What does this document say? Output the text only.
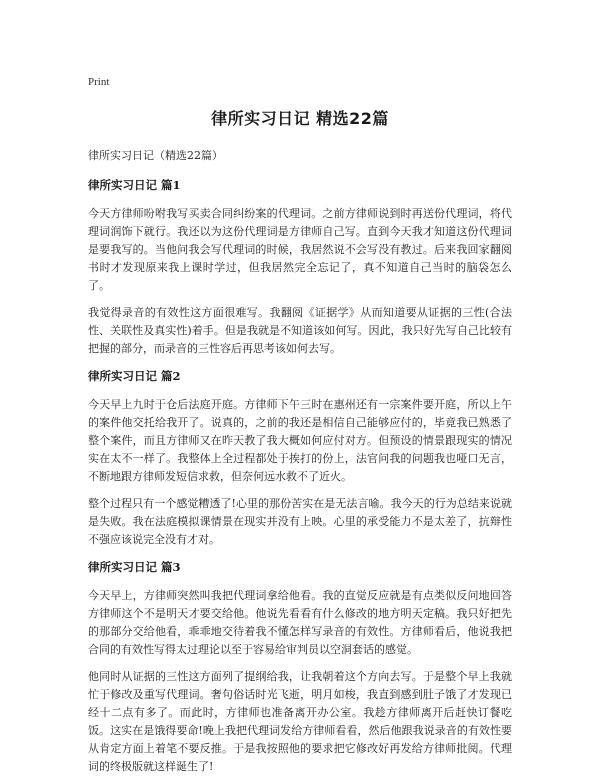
Print
律所实习日记 精选22篇
律所实习日记（精选22篇）
律所实习日记 篇1

今天方律师吩咐我写买卖合同纠纷案的代理词。之前方律师说到时再送份代理词，将代理词润饰下就行。我还以为这份代理词是方律师自己写。直到今天我才知道这份代理词是要我写的。当他问我会写代理词的时候，我居然说不会写没有教过。后来我回家翻阅书时才发现原来我上课时学过，但我居然完全忘记了，真不知道自己当时的脑袋怎么了。

我觉得录音的有效性这方面很难写。我翻阅《证据学》从而知道要从证据的三性(合法性、关联性及真实性)着手。但是我就是不知道该如何写。因此，我只好先写自己比较有把握的部分，而录音的三性容后再思考该如何去写。

律所实习日记 篇2

今天早上九时于仓后法庭开庭。方律师下午三时在惠州还有一宗案件要开庭，所以上午的案件他交托给我开了。说真的，之前的我还是相信自己能够应付的，毕竟我已熟悉了整个案件，而且方律师又在昨天教了我大概如何应付对方。但预设的情景跟现实的情况实在太不一样了。我整体上全过程都处于挨打的份上，法官问我的问题我也哑口无言，不断地跟方律师发短信求救，但奈何远水救不了近火。

整个过程只有一个感觉糟透了!心里的那份苦实在是无法言喻。我今天的行为总结来说就是失败。我在法庭模拟课情景在现实并没有上映。心里的承受能力不是太差了，抗辩性不强应该说完全没有才对。

律所实习日记 篇3

今天早上，方律师突然叫我把代理词拿给他看。我的直觉反应就是有点类似反问地回答方律师这个不是明天才要交给他。他说先看看有什么修改的地方明天定稿。我只好把先的那部分交给他看，乖乖地交待着我不懂怎样写录音的有效性。方律师看后，他说我把合同的有效性写得太过理论以至于容易给审判员以空洞套话的感觉。

他同时从证据的三性这方面列了提纲给我，让我朝着这个方向去写。于是整个早上我就忙于修改及重写代理词。奢句俗话时光飞逝，明月如梭，我直到感到肚子饿了才发现已经十二点有多了。而此时，方律师也准备离开办公室。我趁方律师离开后赶快订餐吃饭。这实在是饿得要命!晚上我把代理词发给方律师看看，然后他跟我说录音的有效性要从肯定方面上着笔不要反推。于是我按照他的要求把它修改好再发给方律师批阅。代理词的终极版就这样诞生了!
